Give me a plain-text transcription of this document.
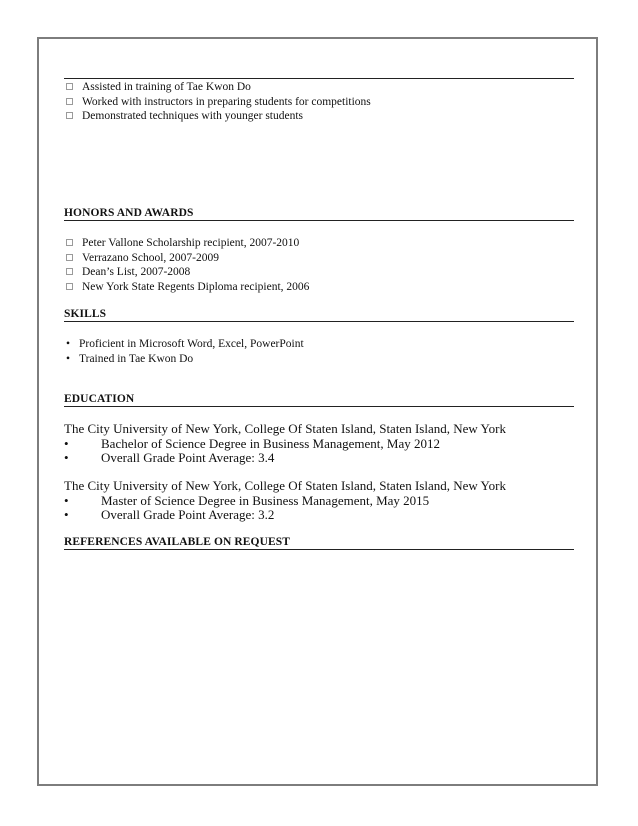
Assisted in training of Tae Kwon Do
Worked with instructors in preparing students for competitions
Demonstrated techniques with younger students
HONORS AND AWARDS
Peter Vallone Scholarship recipient, 2007-2010
Verrazano School, 2007-2009
Dean’s List, 2007-2008
New York State Regents Diploma recipient, 2006
SKILLS
• Proficient in Microsoft Word, Excel, PowerPoint
• Trained in Tae Kwon Do
EDUCATION
The City University of New York, College Of Staten Island, Staten Island, New York
• Bachelor of Science Degree in Business Management, May 2012
• Overall Grade Point Average: 3.4
The City University of New York, College Of Staten Island, Staten Island, New York
• Master of Science Degree in Business Management, May 2015
• Overall Grade Point Average: 3.2
REFERENCES AVAILABLE ON REQUEST
